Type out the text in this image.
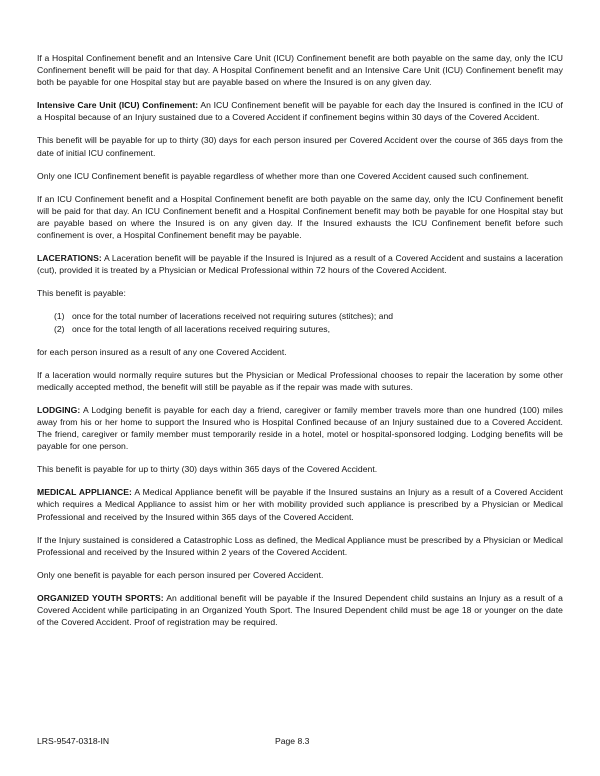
If a Hospital Confinement benefit and an Intensive Care Unit (ICU) Confinement benefit are both payable on the same day, only the ICU Confinement benefit will be paid for that day. A Hospital Confinement benefit and an Intensive Care Unit (ICU) Confinement benefit may both be payable for one Hospital stay but are payable based on where the Insured is on any given day.

Intensive Care Unit (ICU) Confinement: An ICU Confinement benefit will be payable for each day the Insured is confined in the ICU of a Hospital because of an Injury sustained due to a Covered Accident if confinement begins within 30 days of the Covered Accident.

This benefit will be payable for up to thirty (30) days for each person insured per Covered Accident over the course of 365 days from the date of initial ICU confinement.

Only one ICU Confinement benefit is payable regardless of whether more than one Covered Accident caused such confinement.

If an ICU Confinement benefit and a Hospital Confinement benefit are both payable on the same day, only the ICU Confinement benefit will be paid for that day. An ICU Confinement benefit and a Hospital Confinement benefit may both be payable for one Hospital stay but are payable based on where the Insured is on any given day. If the Insured exhausts the ICU Confinement benefit before such confinement is over, a Hospital Confinement benefit may be payable.

LACERATIONS: A Laceration benefit will be payable if the Insured is Injured as a result of a Covered Accident and sustains a laceration (cut), provided it is treated by a Physician or Medical Professional within 72 hours of the Covered Accident.

This benefit is payable:

(1) once for the total number of lacerations received not requiring sutures (stitches); and
(2) once for the total length of all lacerations received requiring sutures,

for each person insured as a result of any one Covered Accident.

If a laceration would normally require sutures but the Physician or Medical Professional chooses to repair the laceration by some other medically accepted method, the benefit will still be payable as if the repair was made with sutures.

LODGING: A Lodging benefit is payable for each day a friend, caregiver or family member travels more than one hundred (100) miles away from his or her home to support the Insured who is Hospital Confined because of an Injury sustained due to a Covered Accident. The friend, caregiver or family member must temporarily reside in a hotel, motel or hospital-sponsored lodging. Lodging benefits will be payable for one person.

This benefit is payable for up to thirty (30) days within 365 days of the Covered Accident.

MEDICAL APPLIANCE: A Medical Appliance benefit will be payable if the Insured sustains an Injury as a result of a Covered Accident which requires a Medical Appliance to assist him or her with mobility provided such appliance is prescribed by a Physician or Medical Professional and received by the Insured within 365 days of the Covered Accident.

If the Injury sustained is considered a Catastrophic Loss as defined, the Medical Appliance must be prescribed by a Physician or Medical Professional and received by the Insured within 2 years of the Covered Accident.

Only one benefit is payable for each person insured per Covered Accident.

ORGANIZED YOUTH SPORTS: An additional benefit will be payable if the Insured Dependent child sustains an Injury as a result of a Covered Accident while participating in an Organized Youth Sport. The Insured Dependent child must be age 18 or younger on the date of the Covered Accident. Proof of registration may be required.

LRS-9547-0318-IN	Page 8.3
